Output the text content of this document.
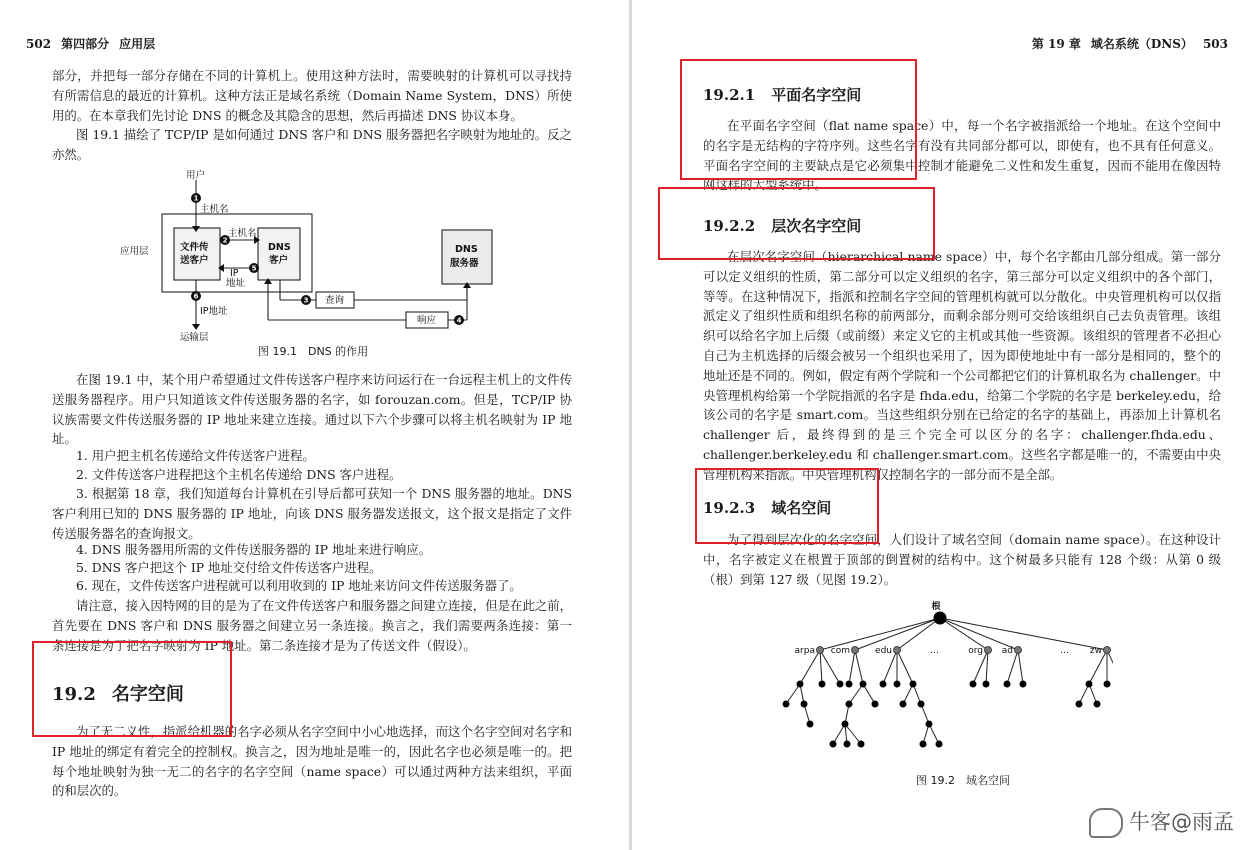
502 第四部分 应用层

部分，并把每一部分存储在不同的计算机上。使用这种方法时，需要映射的计算机可以寻找持有所需信息的最近的计算机。这种方法正是域名系统（Domain Name System，DNS）所使用的。在本章我们先讨论 DNS 的概念及其隐含的思想，然后再描述 DNS 协议本身。

图 19.1 描绘了 TCP/IP 是如何通过 DNS 客户和 DNS 服务器把名字映射为地址的。反之亦然。

1
2
3
4
5
6
用户
主机名
应用层	文件传
送客户
DNS
客户
主机名
IP
地址
DNS
服务器
查询
响应
IP地址
运输层
图 19.1　DNS 的作用

在图 19.1 中，某个用户希望通过文件传送客户程序来访问运行在一台远程主机上的文件传送服务器程序。用户只知道该文件传送服务器的名字，如 forouzan.com。但是，TCP/IP 协议族需要文件传送服务器的 IP 地址来建立连接。通过以下六个步骤可以将主机名映射为 IP 地址。

1. 用户把主机名传递给文件传送客户进程。

2. 文件传送客户进程把这个主机名传递给 DNS 客户进程。

3. 根据第 18 章，我们知道每台计算机在引导后都可获知一个 DNS 服务器的地址。DNS 客户利用已知的 DNS 服务器的 IP 地址，向该 DNS 服务器发送报文，这个报文是指定了文件传送服务器名的查询报文。

4. DNS 服务器用所需的文件传送服务器的 IP 地址来进行响应。

5. DNS 客户把这个 IP 地址交付给文件传送客户进程。

6. 现在，文件传送客户进程就可以利用收到的 IP 地址来访问文件传送服务器了。

请注意，接入因特网的目的是为了在文件传送客户和服务器之间建立连接，但是在此之前，首先要在 DNS 客户和 DNS 服务器之间建立另一条连接。换言之，我们需要两条连接：第一条连接是为了把名字映射为 IP 地址。第二条连接才是为了传送文件（假设）。

19.2 名字空间

为了无二义性，指派给机器的名字必须从名字空间中小心地选择，而这个名字空间对名字和 IP 地址的绑定有着完全的控制权。换言之，因为地址是唯一的，因此名字也必须是唯一的。把每个地址映射为独一无二的名字的名字空间（name space）可以通过两种方法来组织，平面的和层次的。

第 19 章 域名系统（DNS） 503
19.2.1 平面名字空间

在平面名字空间（flat name space）中，每一个名字被指派给一个地址。在这个空间中的名字是无结构的字符序列。这些名字有没有共同部分都可以，即使有，也不具有任何意义。平面名字空间的主要缺点是它必须集中控制才能避免二义性和发生重复，因而不能用在像因特网这样的大型系统中。

19.2.2 层次名字空间

在层次名字空间（hierarchical name space）中，每个名字都由几部分组成。第一部分可以定义组织的性质，第二部分可以定义组织的名字，第三部分可以定义组织中的各个部门，等等。在这种情况下，指派和控制名字空间的管理机构就可以分散化。中央管理机构可以仅指派定义了组织性质和组织名称的前两部分，而剩余部分则可交给该组织自己去负责管理。该组织可以给名字加上后缀（或前缀）来定义它的主机或其他一些资源。该组织的管理者不必担心自己为主机选择的后缀会被另一个组织也采用了，因为即使地址中有一部分是相同的，整个的地址还是不同的。例如，假定有两个学院和一个公司都把它们的计算机取名为 challenger。中央管理机构给第一个学院指派的名字是 fhda.edu，给第二个学院的名字是 berkeley.edu，给该公司的名字是 smart.com。当这些组织分别在已给定的名字的基础上，再添加上计算机名 challenger 后，最终得到的是三个完全可以区分的名字：challenger.fhda.edu、challenger.berkeley.edu 和 challenger.smart.com。这些名字都是唯一的，不需要由中央管理机构来指派。中央管理机构仅控制名字的一部分而不是全部。

19.2.3 域名空间

为了得到层次化的名字空间，人们设计了域名空间（domain name space）。在这种设计中，名字被定义在根置于顶部的倒置树的结构中。这个树最多只能有 128 个级：从第 0 级（根）到第 127 级（见图 19.2）。

根
arpa com	edu	…	org ad	… zw
图 19.2　域名空间
牛客@雨孟
